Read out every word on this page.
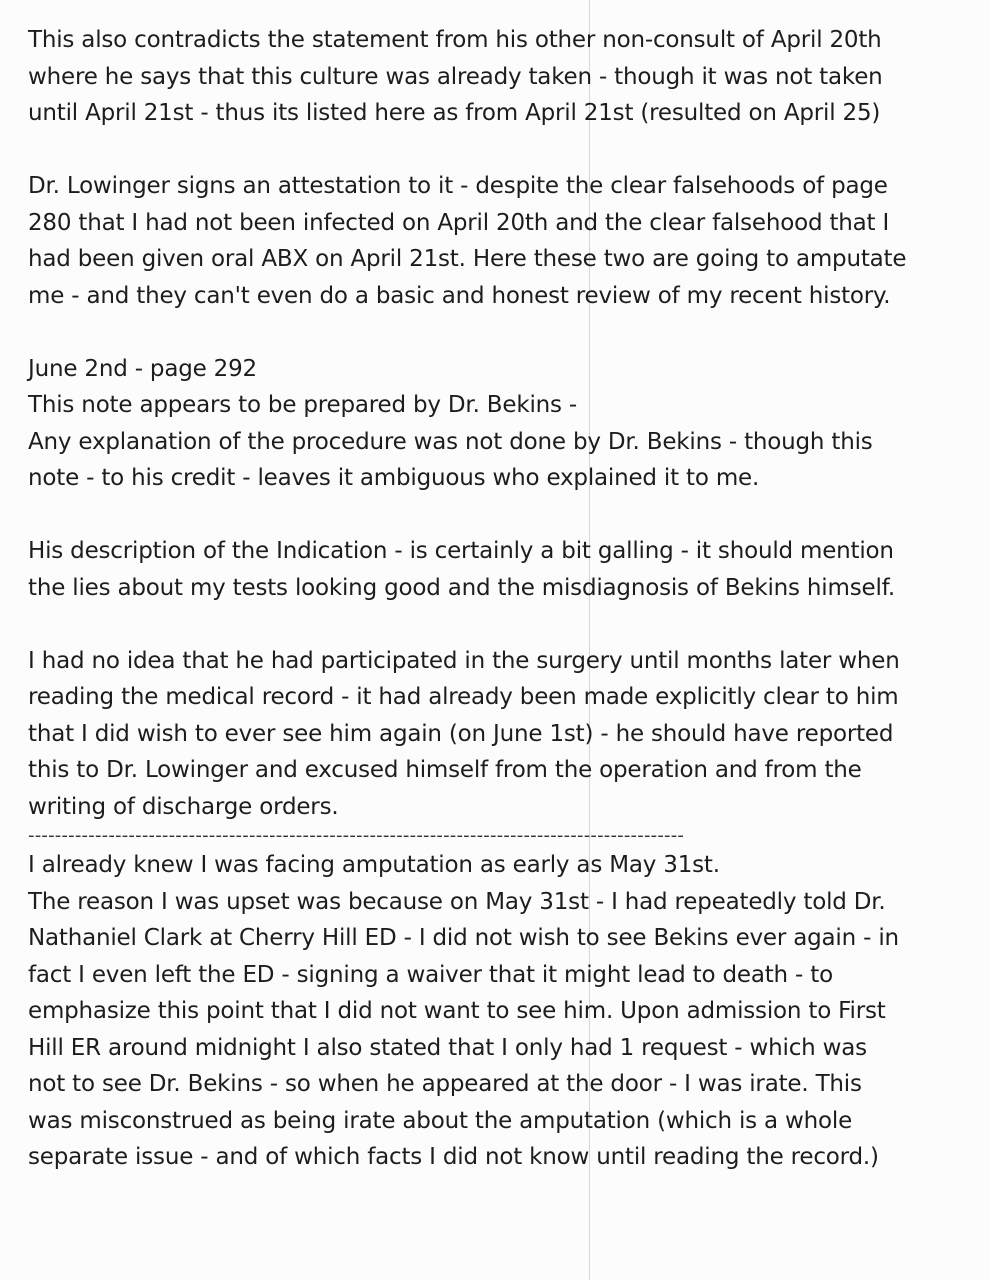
This also contradicts the statement from his other non-consult of April 20th
where he says that this culture was already taken - though it was not taken
until April 21st - thus its listed here as from April 21st (resulted on April 25)
Dr. Lowinger signs an attestation to it - despite the clear falsehoods of page
280 that I had not been infected on April 20th and the clear falsehood that I
had been given oral ABX on April 21st. Here these two are going to amputate
me - and they can't even do a basic and honest review of my recent history.
June 2nd - page 292
This note appears to be prepared by Dr. Bekins -
Any explanation of the procedure was not done by Dr. Bekins - though this
note - to his credit - leaves it ambiguous who explained it to me.
His description of the Indication - is certainly a bit galling - it should mention
the lies about my tests looking good and the misdiagnosis of Bekins himself.
I had no idea that he had participated in the surgery until months later when
reading the medical record - it had already been made explicitly clear to him
that I did wish to ever see him again (on June 1st) - he should have reported
this to Dr. Lowinger and excused himself from the operation and from the
writing of discharge orders.
--------------------------------------------------------------------------------------------------
I already knew I was facing amputation as early as May 31st.
The reason I was upset was because on May 31st - I had repeatedly told Dr.
Nathaniel Clark at Cherry Hill ED - I did not wish to see Bekins ever again - in
fact I even left the ED - signing a waiver that it might lead to death - to
emphasize this point that I did not want to see him. Upon admission to First
Hill ER around midnight I also stated that I only had 1 request - which was
not to see Dr. Bekins - so when he appeared at the door - I was irate. This
was misconstrued as being irate about the amputation (which is a whole
separate issue - and of which facts I did not know until reading the record.)
